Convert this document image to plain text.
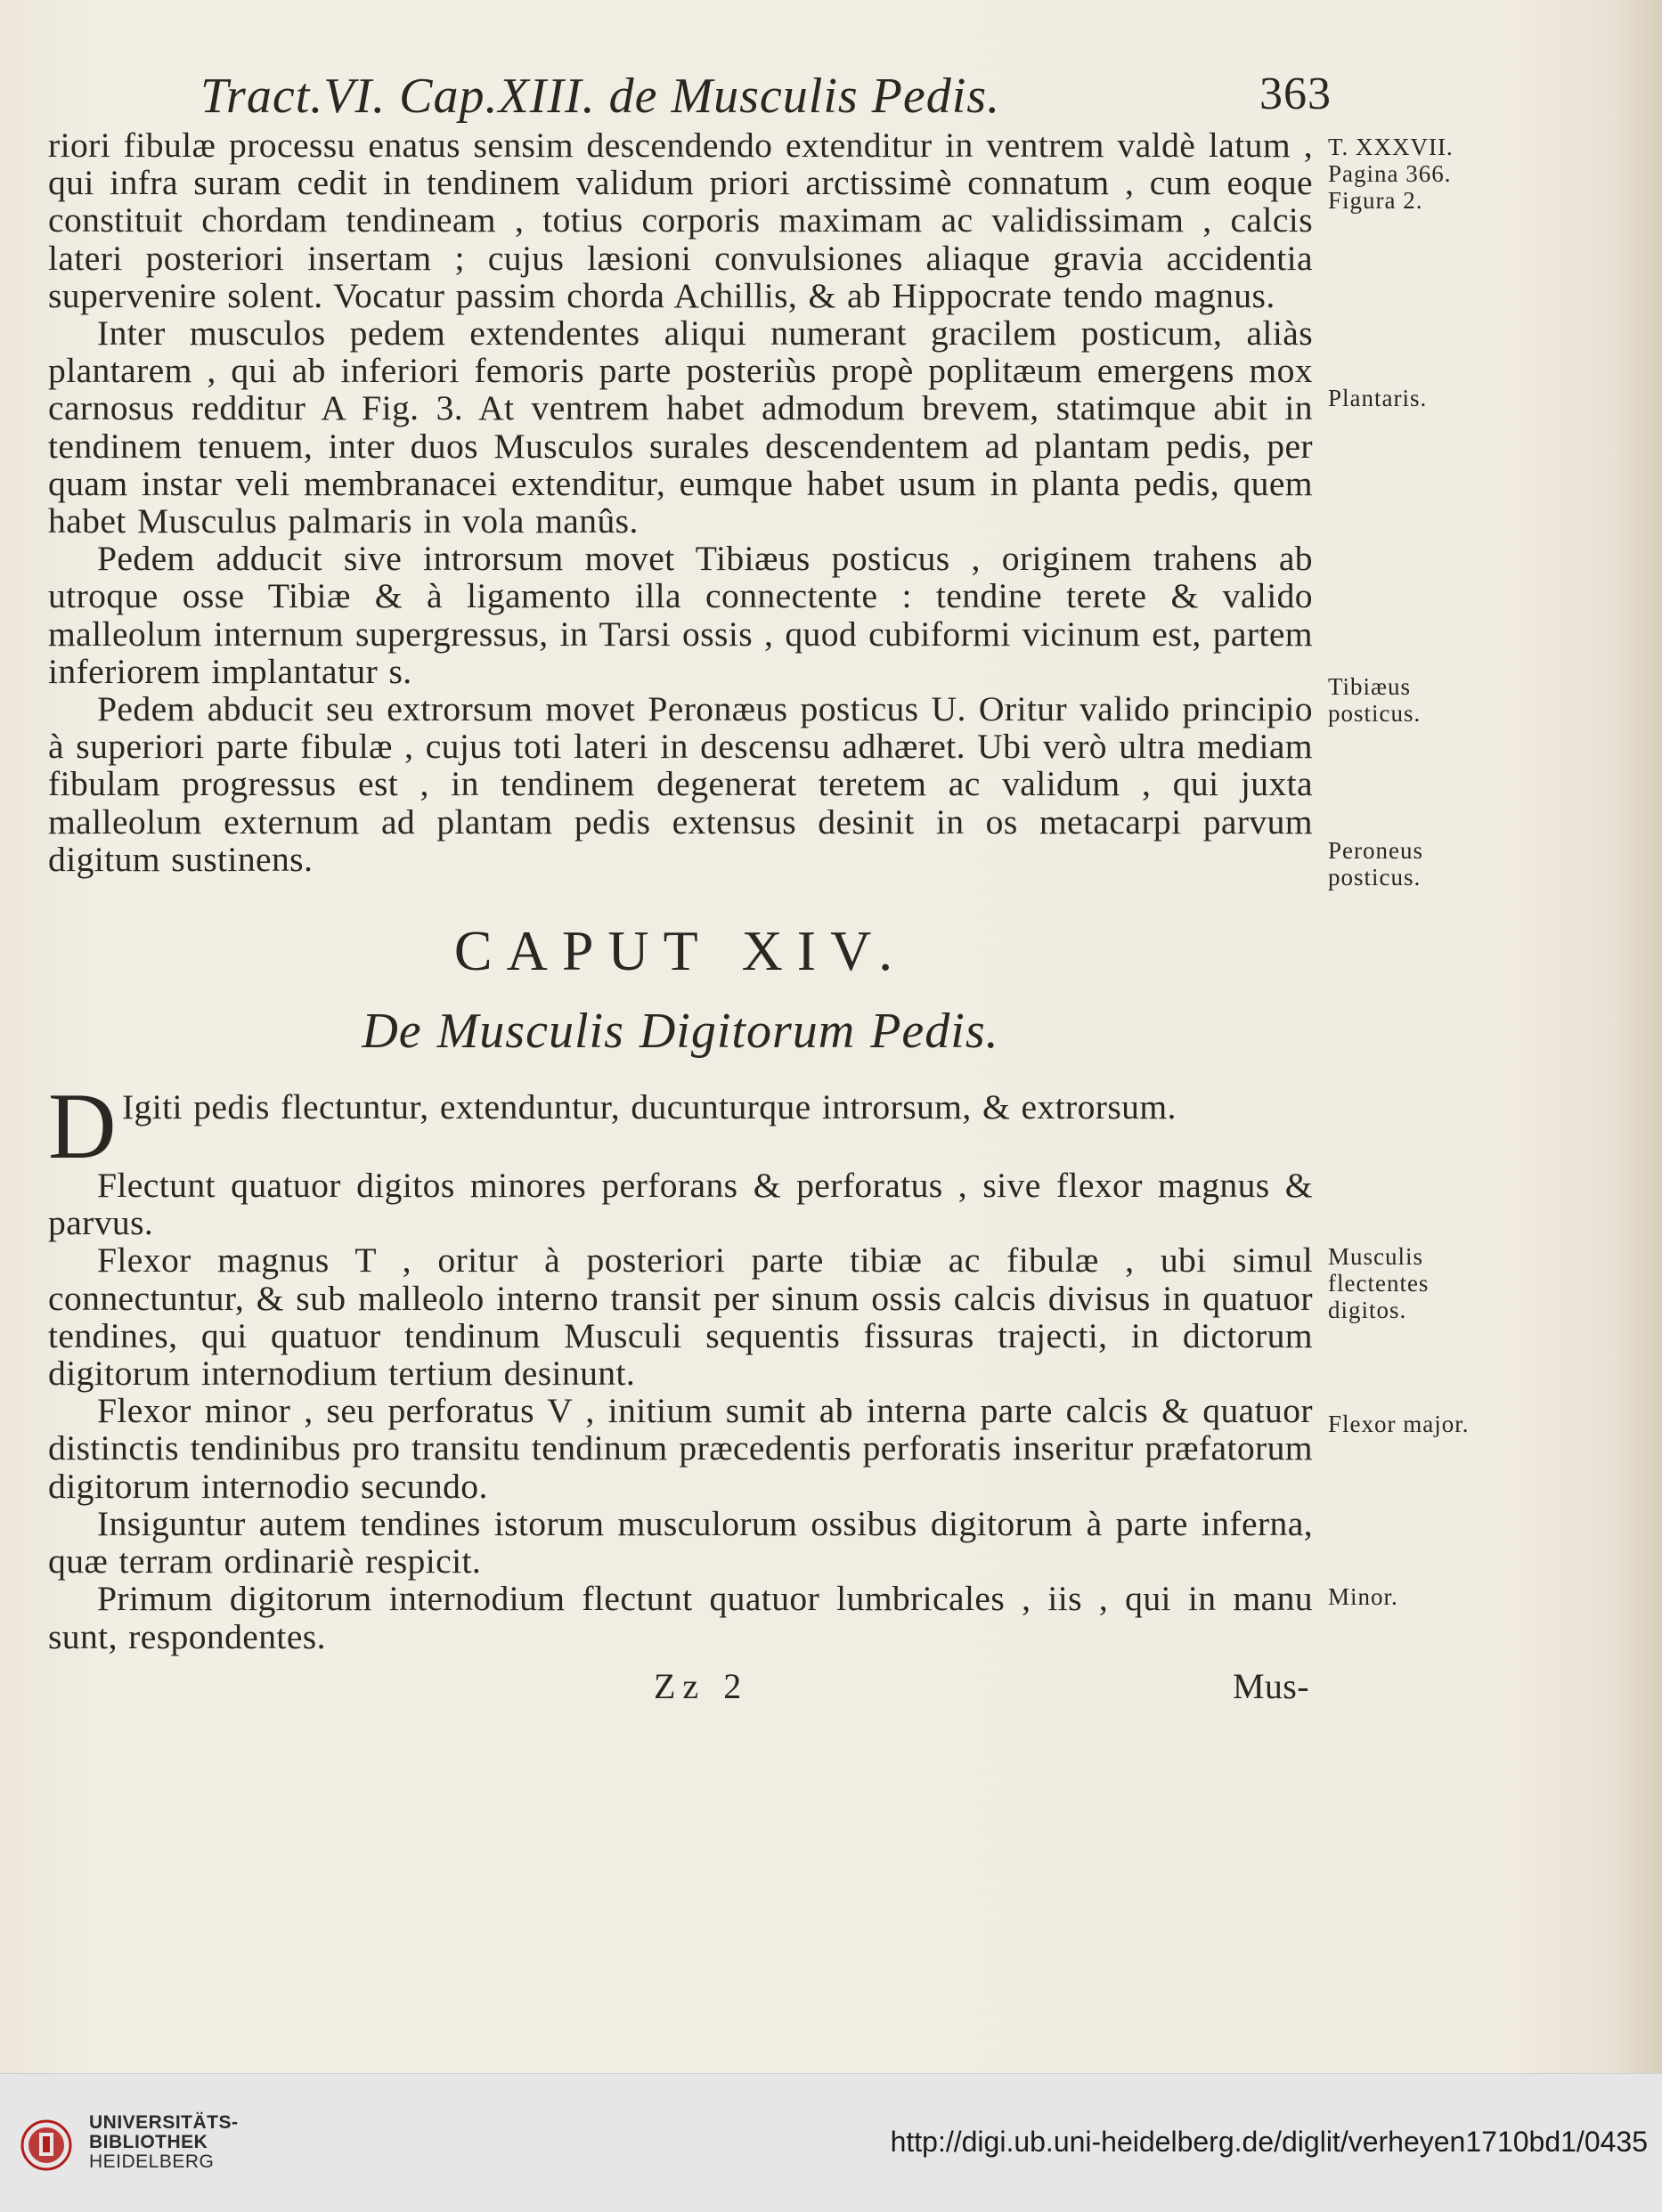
Tract.VI. Cap.XIII. de Musculis Pedis.	363

riori fibulæ processu enatus sensim descendendo extenditur in ventrem valdè latum , qui infra suram cedit in tendinem validum priori arctissimè connatum , cum eoque constituit chordam tendineam , totius corporis maximam ac validissimam , calcis lateri posteriori insertam ; cujus læsioni convulsiones aliaque gravia accidentia supervenire solent. Vocatur passim chorda Achillis, & ab Hippocrate tendo magnus.

Inter musculos pedem extendentes aliqui numerant gracilem posticum, aliàs plantarem , qui ab inferiori femoris parte posteriùs propè poplitæum emergens mox carnosus redditur A Fig. 3. At ventrem habet admodum brevem, statimque abit in tendinem tenuem, inter duos Musculos surales descendentem ad plantam pedis, per quam instar veli membranacei extenditur, eumque habet usum in planta pedis, quem habet Musculus palmaris in vola manûs.

Pedem adducit sive introrsum movet Tibiæus posticus , originem trahens ab utroque osse Tibiæ & à ligamento illa connectente : tendine terete & valido malleolum internum supergressus, in Tarsi ossis , quod cubiformi vicinum est, partem inferiorem implantatur s.

Pedem abducit seu extrorsum movet Peronæus posticus U. Oritur valido principio à superiori parte fibulæ , cujus toti lateri in descensu adhæret. Ubi verò ultra mediam fibulam progressus est , in tendinem degenerat teretem ac validum , qui juxta malleolum externum ad plantam pedis extensus desinit in os metacarpi parvum digitum sustinens.

CAPUT XIV.
De Musculis Digitorum Pedis.
D Igiti pedis flectuntur, extenduntur, ducunturque introrsum, & extrorsum.

Flectunt quatuor digitos minores perforans & perforatus , sive flexor magnus & parvus.

Flexor magnus T , oritur à posteriori parte tibiæ ac fibulæ , ubi simul connectuntur, & sub malleolo interno transit per sinum ossis calcis divisus in quatuor tendines, qui quatuor tendinum Musculi sequentis fissuras trajecti, in dictorum digitorum internodium tertium desinunt.

Flexor minor , seu perforatus V , initium sumit ab interna parte calcis & quatuor distinctis tendinibus pro transitu tendinum præcedentis perforatis inseritur præfatorum digitorum internodio secundo.

Insiguntur autem tendines istorum musculorum ossibus digitorum à parte inferna, quæ terram ordinariè respicit.

Primum digitorum internodium flectunt quatuor lumbricales , iis , qui in manu sunt, respondentes.

Zz 2	Mus-
T. XXXVII.
Pagina 366.
Figura 2.
Plantaris.
Tibiæus posticus.
Peroneus posticus.
Musculis flectentes digitos.
Flexor major.
Minor.
UNIVERSITÄTS-
BIBLIOTHEK
HEIDELBERG
http://digi.ub.uni-heidelberg.de/diglit/verheyen1710bd1/0435
